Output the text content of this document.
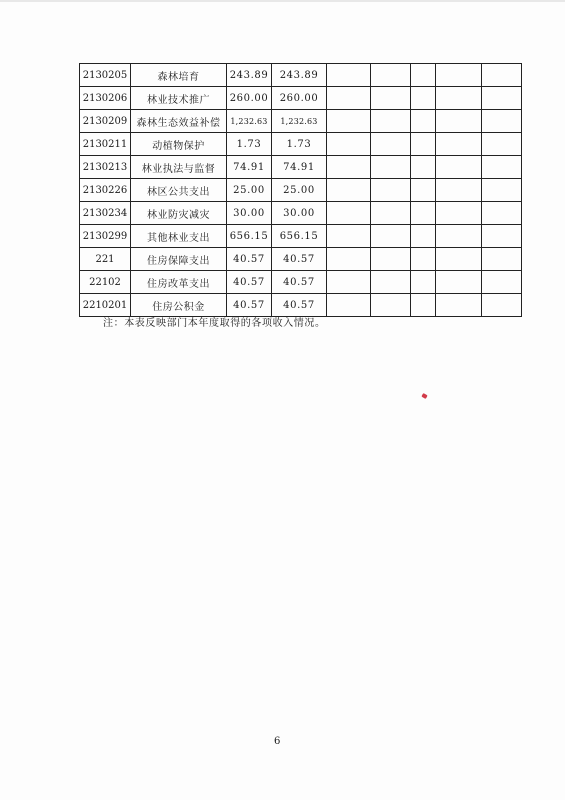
2130205	森林培育	243.89	243.89					
2130206	林业技术推广	260.00	260.00					
2130209	森林生态效益补偿	1,232.63	1,232.63					
2130211	动植物保护	1.73	1.73					
2130213	林业执法与监督	74.91	74.91					
2130226	林区公共支出	25.00	25.00					
2130234	林业防灾减灾	30.00	30.00					
2130299	其他林业支出	656.15	656.15					
221	住房保障支出	40.57	40.57					
22102	住房改革支出	40.57	40.57					
2210201	住房公积金	40.57	40.57					
注：本表反映部门本年度取得的各项收入情况。
6
